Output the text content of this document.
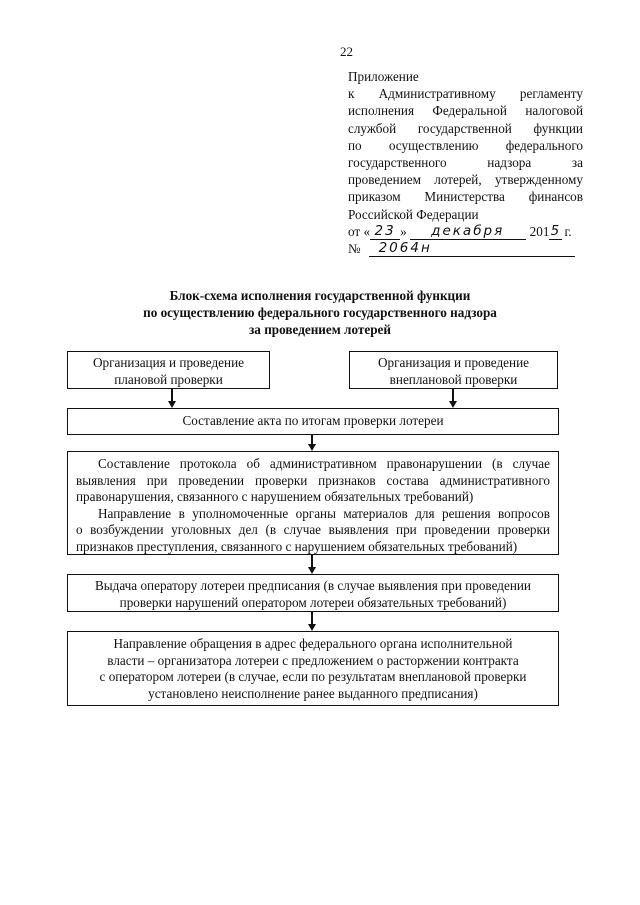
22
Приложение
к Административному регламенту
исполнения Федеральной налоговой
службой государственной функции
по осуществлению федерального
государственного надзора за
проведением лотерей, утвержденному
приказом Министерства финансов
Российской Федерации
от « 23 »	декабря	201 5 г.
№	2064н
Блок-схема исполнения государственной функции
по осуществлению федерального государственного надзора
за проведением лотерей
Организация и проведение
плановой проверки
Организация и проведение
внеплановой проверки
Составление акта по итогам проверки лотереи
Составление протокола об административном правонарушении (в случае
выявления при проведении проверки признаков состава административного
правонарушения, связанного с нарушением обязательных требований)
Направление в уполномоченные органы материалов для решения вопросов
о возбуждении уголовных дел (в случае выявления при проведении проверки
признаков преступления, связанного с нарушением обязательных требований)
Выдача оператору лотереи предписания (в случае выявления при проведении
проверки нарушений оператором лотереи обязательных требований)
Направление обращения в адрес федерального органа исполнительной
власти – организатора лотереи с предложением о расторжении контракта
с оператором лотереи (в случае, если по результатам внеплановой проверки
установлено неисполнение ранее выданного предписания)
